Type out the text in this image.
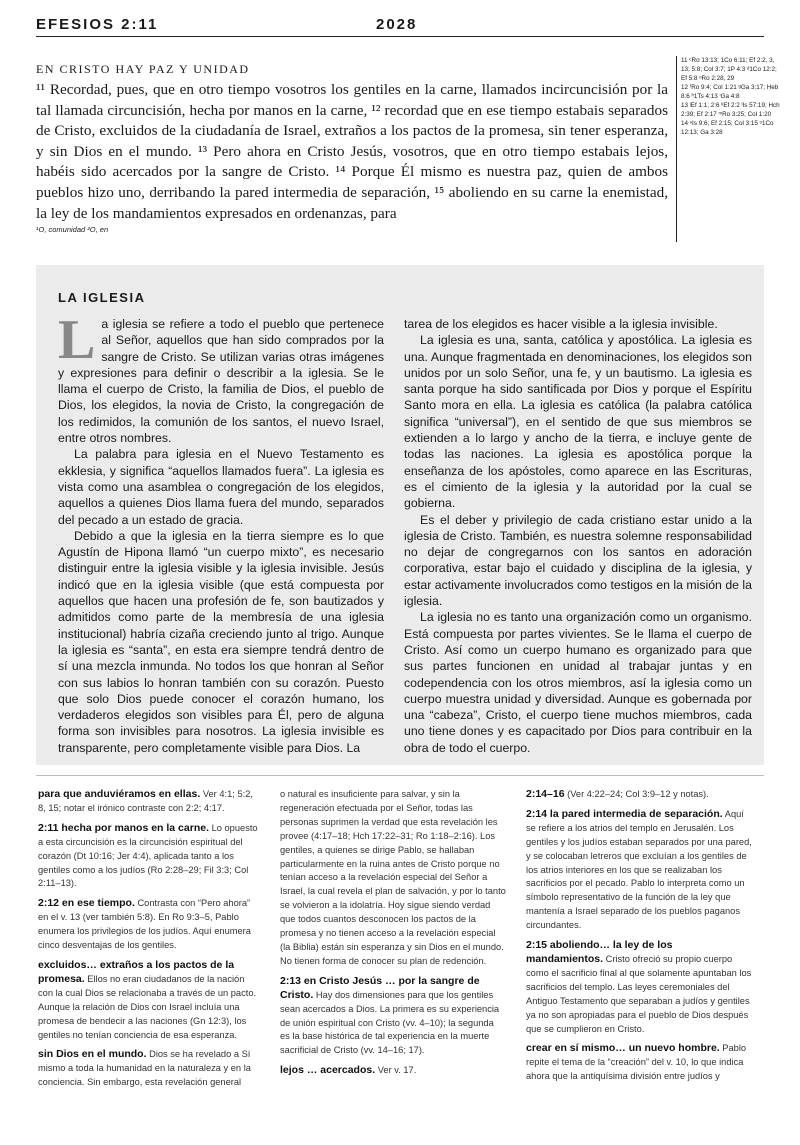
EFESIOS 2:11	2028
EN CRISTO HAY PAZ Y UNIDAD
¹¹ Recordad, pues, que en otro tiempo vosotros los gentiles en la carne, llamados incircuncisión por la tal llamada circuncisión, hecha por manos en la carne, ¹² recordad que en ese tiempo estabais separados de Cristo, excluidos de la ciudadanía de Israel, extraños a los pactos de la promesa, sin tener esperanza, y sin Dios en el mundo. ¹³ Pero ahora en Cristo Jesús, vosotros, que en otro tiempo estabais lejos, habéis sido acercados por la sangre de Cristo. ¹⁴ Porque Él mismo es nuestra paz, quien de ambos pueblos hizo uno, derribando la pared intermedia de separación, ¹⁵ aboliendo en su carne la enemistad, la ley de los mandamientos expresados en ordenanzas, para
¹O, comunidad ²O, en
11 ᶜRo 13:13; 1Co 6:11; Ef 2:2, 3, 13; 5:8; Col 3:7; 1P 4:3 ᵈ1Co 12:2; Ef 5:8 ᵉRo 2:28, 29
12 ᶠRo 9:4; Col 1:21 ᵍGa 3:17; Heb 8:6 ʰ1Ts 4:13 ⁱGa 4:8
13 ʲEf 1:1; 2:6 ᵏEf 2:2 ˡIs 57:19; Hch 2:39; Ef 2:17 ᵐRo 3:25; Col 1:20
14 ⁿIs 9:6; Ef 2:15; Col 3:15 ᵒ1Co 12:13; Ga 3:28
LA IGLESIA

La iglesia se refiere a todo el pueblo que pertenece al Señor, aquellos que han sido comprados por la sangre de Cristo. Se utilizan varias otras imágenes y expresiones para definir o describir a la iglesia. Se le llama el cuerpo de Cristo, la familia de Dios, el pueblo de Dios, los elegidos, la novia de Cristo, la congregación de los redimidos, la comunión de los santos, el nuevo Israel, entre otros nombres.

La palabra para iglesia en el Nuevo Testamento es ekklesia, y significa “aquellos llamados fuera”. La iglesia es vista como una asamblea o congregación de los elegidos, aquellos a quienes Dios llama fuera del mundo, separados del pecado a un estado de gracia.

Debido a que la iglesia en la tierra siempre es lo que Agustín de Hipona llamó “un cuerpo mixto”, es necesario distinguir entre la iglesia visible y la iglesia invisible. Jesús indicó que en la iglesia visible (que está compuesta por aquellos que hacen una profesión de fe, son bautizados y admitidos como parte de la membresía de una iglesia institucional) habría cizaña creciendo junto al trigo. Aunque la iglesia es “santa”, en esta era siempre tendrá dentro de sí una mezcla inmunda. No todos los que honran al Señor con sus labios lo honran también con su corazón. Puesto que solo Dios puede conocer el corazón humano, los verdaderos elegidos son visibles para Él, pero de alguna forma son invisibles para nosotros. La iglesia invisible es transparente, pero completamente visible para Dios. La

tarea de los elegidos es hacer visible a la iglesia invisible.

La iglesia es una, santa, católica y apostólica. La iglesia es una. Aunque fragmentada en denominaciones, los elegidos son unidos por un solo Señor, una fe, y un bautismo. La iglesia es santa porque ha sido santificada por Dios y porque el Espíritu Santo mora en ella. La iglesia es católica (la palabra católica significa “universal”), en el sentido de que sus miembros se extienden a lo largo y ancho de la tierra, e incluye gente de todas las naciones. La iglesia es apostólica porque la enseñanza de los apóstoles, como aparece en las Escrituras, es el cimiento de la iglesia y la autoridad por la cual se gobierna.

Es el deber y privilegio de cada cristiano estar unido a la iglesia de Cristo. También, es nuestra solemne responsabilidad no dejar de congregarnos con los santos en adoración corporativa, estar bajo el cuidado y disciplina de la iglesia, y estar activamente involucrados como testigos en la misión de la iglesia.

La iglesia no es tanto una organización como un organismo. Está compuesta por partes vivientes. Se le llama el cuerpo de Cristo. Así como un cuerpo humano es organizado para que sus partes funcionen en unidad al trabajar juntas y en codependencia con los otros miembros, así la iglesia como un cuerpo muestra unidad y diversidad. Aunque es gobernada por una “cabeza”, Cristo, el cuerpo tiene muchos miembros, cada uno tiene dones y es capacitado por Dios para contribuir en la obra de todo el cuerpo.

para que anduviéramos en ellas. Ver 4:1; 5:2, 8, 15; notar el irónico contraste con 2:2; 4:17.

2:11 hecha por manos en la carne. Lo opuesto a esta circuncisión es la circuncisión espiritual del corazón (Dt 10:16; Jer 4:4), aplicada tanto a los gentiles como a los judíos (Ro 2:28–29; Fil 3:3; Col 2:11–13).

2:12 en ese tiempo. Contrasta con “Pero ahora” en el v. 13 (ver también 5:8). En Ro 9:3–5, Pablo enumera los privilegios de los judíos. Aquí enumera cinco desventajas de los gentiles.

excluidos… extraños a los pactos de la promesa. Ellos no eran ciudadanos de la nación con la cual Dios se relacionaba a través de un pacto. Aunque la relación de Dios con Israel incluía una promesa de bendecir a las naciones (Gn 12:3), los gentiles no tenían conciencia de esa esperanza.

sin Dios en el mundo. Dios se ha revelado a Sí mismo a toda la humanidad en la naturaleza y en la conciencia. Sin embargo, esta revelación general

o natural es insuficiente para salvar, y sin la regeneración efectuada por el Señor, todas las personas suprimen la verdad que esta revelación les provee (4:17–18; Hch 17:22–31; Ro 1:18–2:16). Los gentiles, a quienes se dirige Pablo, se hallaban particularmente en la ruina antes de Cristo porque no tenían acceso a la revelación especial del Señor a Israel, la cual revela el plan de salvación, y por lo tanto se volvieron a la idolatría. Hoy sigue siendo verdad que todos cuantos desconocen los pactos de la promesa y no tienen acceso a la revelación especial (la Biblia) están sin esperanza y sin Dios en el mundo. No tienen forma de conocer su plan de redención.

2:13 en Cristo Jesús … por la sangre de Cristo. Hay dos dimensiones para que los gentiles sean acercados a Dios. La primera es su experiencia de unión espiritual con Cristo (vv. 4–10); la segunda es la base histórica de tal experiencia en la muerte sacrificial de Cristo (vv. 14–16; 17).

lejos … acercados. Ver v. 17.

2:14–16 (Ver 4:22–24; Col 3:9–12 y notas).

2:14 la pared intermedia de separación. Aquí se refiere a los atrios del templo en Jerusalén. Los gentiles y los judíos estaban separados por una pared, y se colocaban letreros que excluían a los gentiles de los atrios interiores en los que se realizaban los sacrificios por el pecado. Pablo lo interpreta como un símbolo representativo de la función de la ley que mantenía a Israel separado de los pueblos paganos circundantes.

2:15 aboliendo… la ley de los mandamientos. Cristo ofreció su propio cuerpo como el sacrificio final al que solamente apuntaban los sacrificios del templo. Las leyes ceremoniales del Antiguo Testamento que separaban a judíos y gentiles ya no son apropiadas para el pueblo de Dios después que se cumplieron en Cristo.

crear en sí mismo… un nuevo hombre. Pablo repite el tema de la “creación” del v. 10, lo que indica ahora que la antiquísima división entre judíos y
